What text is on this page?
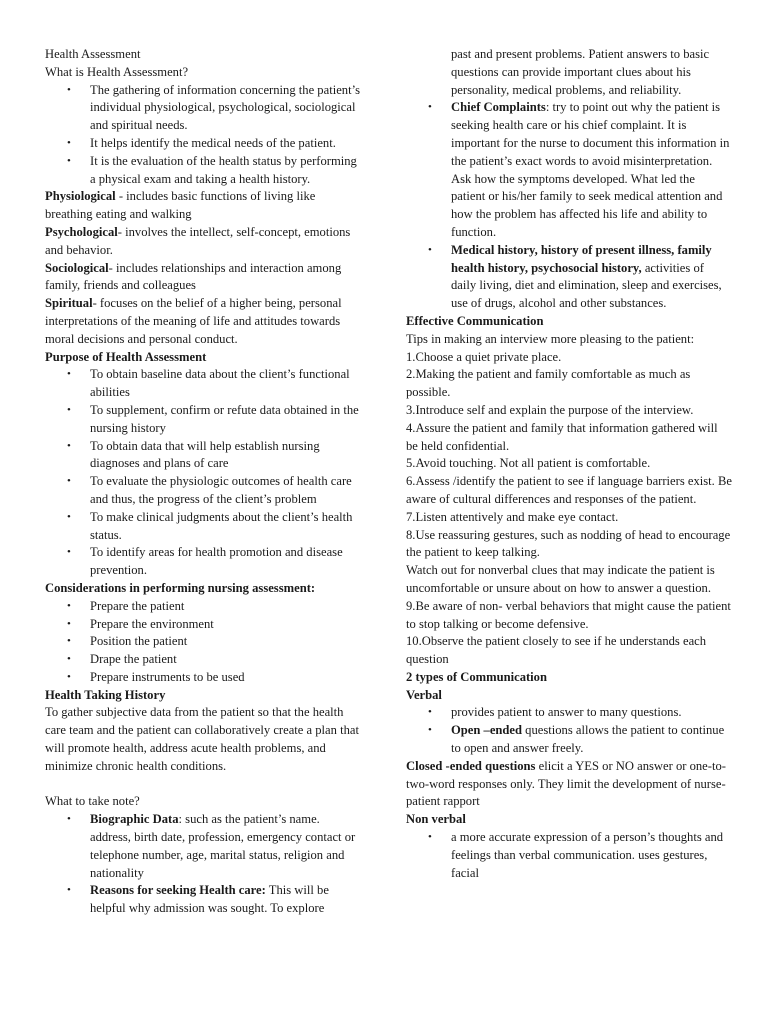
Health Assessment

What is Health Assessment?

• The gathering of information concerning the patient’s individual physiological, psychological, sociological and spiritual needs.
• It helps identify the medical needs of the patient.
• It is the evaluation of the health status by performing a physical exam and taking a health history.

Physiological - includes basic functions of living like breathing eating and walking

Psychological- involves the intellect, self-concept, emotions and behavior.

Sociological- includes relationships and interaction among family, friends and colleagues

Spiritual- focuses on the belief of a higher being, personal interpretations of the meaning of life and attitudes towards moral decisions and personal conduct.

Purpose of Health Assessment

• To obtain baseline data about the client’s functional abilities
• To supplement, confirm or refute data obtained in the nursing history
• To obtain data that will help establish nursing diagnoses and plans of care
• To evaluate the physiologic outcomes of health care and thus, the progress of the client’s problem
• To make clinical judgments about the client’s health status.
• To identify areas for health promotion and disease prevention.

Considerations in performing nursing assessment:

• Prepare the patient
• Prepare the environment
• Position the patient
• Drape the patient
• Prepare instruments to be used

Health Taking History

To gather subjective data from the patient so that the health care team and the patient can collaboratively create a plan that will promote health, address acute health problems, and minimize chronic health conditions.

What to take note?

• Biographic Data: such as the patient’s name. address, birth date, profession, emergency contact or telephone number, age, marital status, religion and nationality
• Reasons for seeking Health care: This will be helpful why admission was sought. To explore

past and present problems. Patient answers to basic questions can provide important clues about his personality, medical problems, and reliability.

• Chief Complaints: try to point out why the patient is seeking health care or his chief complaint. It is important for the nurse to document this information in the patient’s exact words to avoid misinterpretation. Ask how the symptoms developed. What led the patient or his/her family to seek medical attention and how the problem has affected his life and ability to function.
• Medical history, history of present illness, family health history, psychosocial history, activities of daily living, diet and elimination, sleep and exercises, use of drugs, alcohol and other substances.

Effective Communication

Tips in making an interview more pleasing to the patient:

1.Choose a quiet private place.

2.Making the patient and family comfortable as much as possible.

3.Introduce self and explain the purpose of the interview.

4.Assure the patient and family that information gathered will be held confidential.

5.Avoid touching. Not all patient is comfortable.

6.Assess /identify the patient to see if language barriers exist. Be aware of cultural differences and responses of the patient.

7.Listen attentively and make eye contact.

8.Use reassuring gestures, such as nodding of head to encourage the patient to keep talking.

Watch out for nonverbal clues that may indicate the patient is uncomfortable or unsure about on how to answer a question.

9.Be aware of non- verbal behaviors that might cause the patient to stop talking or become defensive.

10.Observe the patient closely to see if he understands each question

2 types of Communication

Verbal

• provides patient to answer to many questions.
• Open –ended questions allows the patient to continue to open and answer freely.

Closed -ended questions elicit a YES or NO answer or one-to-two-word responses only. They limit the development of nurse-patient rapport

Non verbal

• a more accurate expression of a person’s thoughts and feelings than verbal communication. uses gestures, facial
